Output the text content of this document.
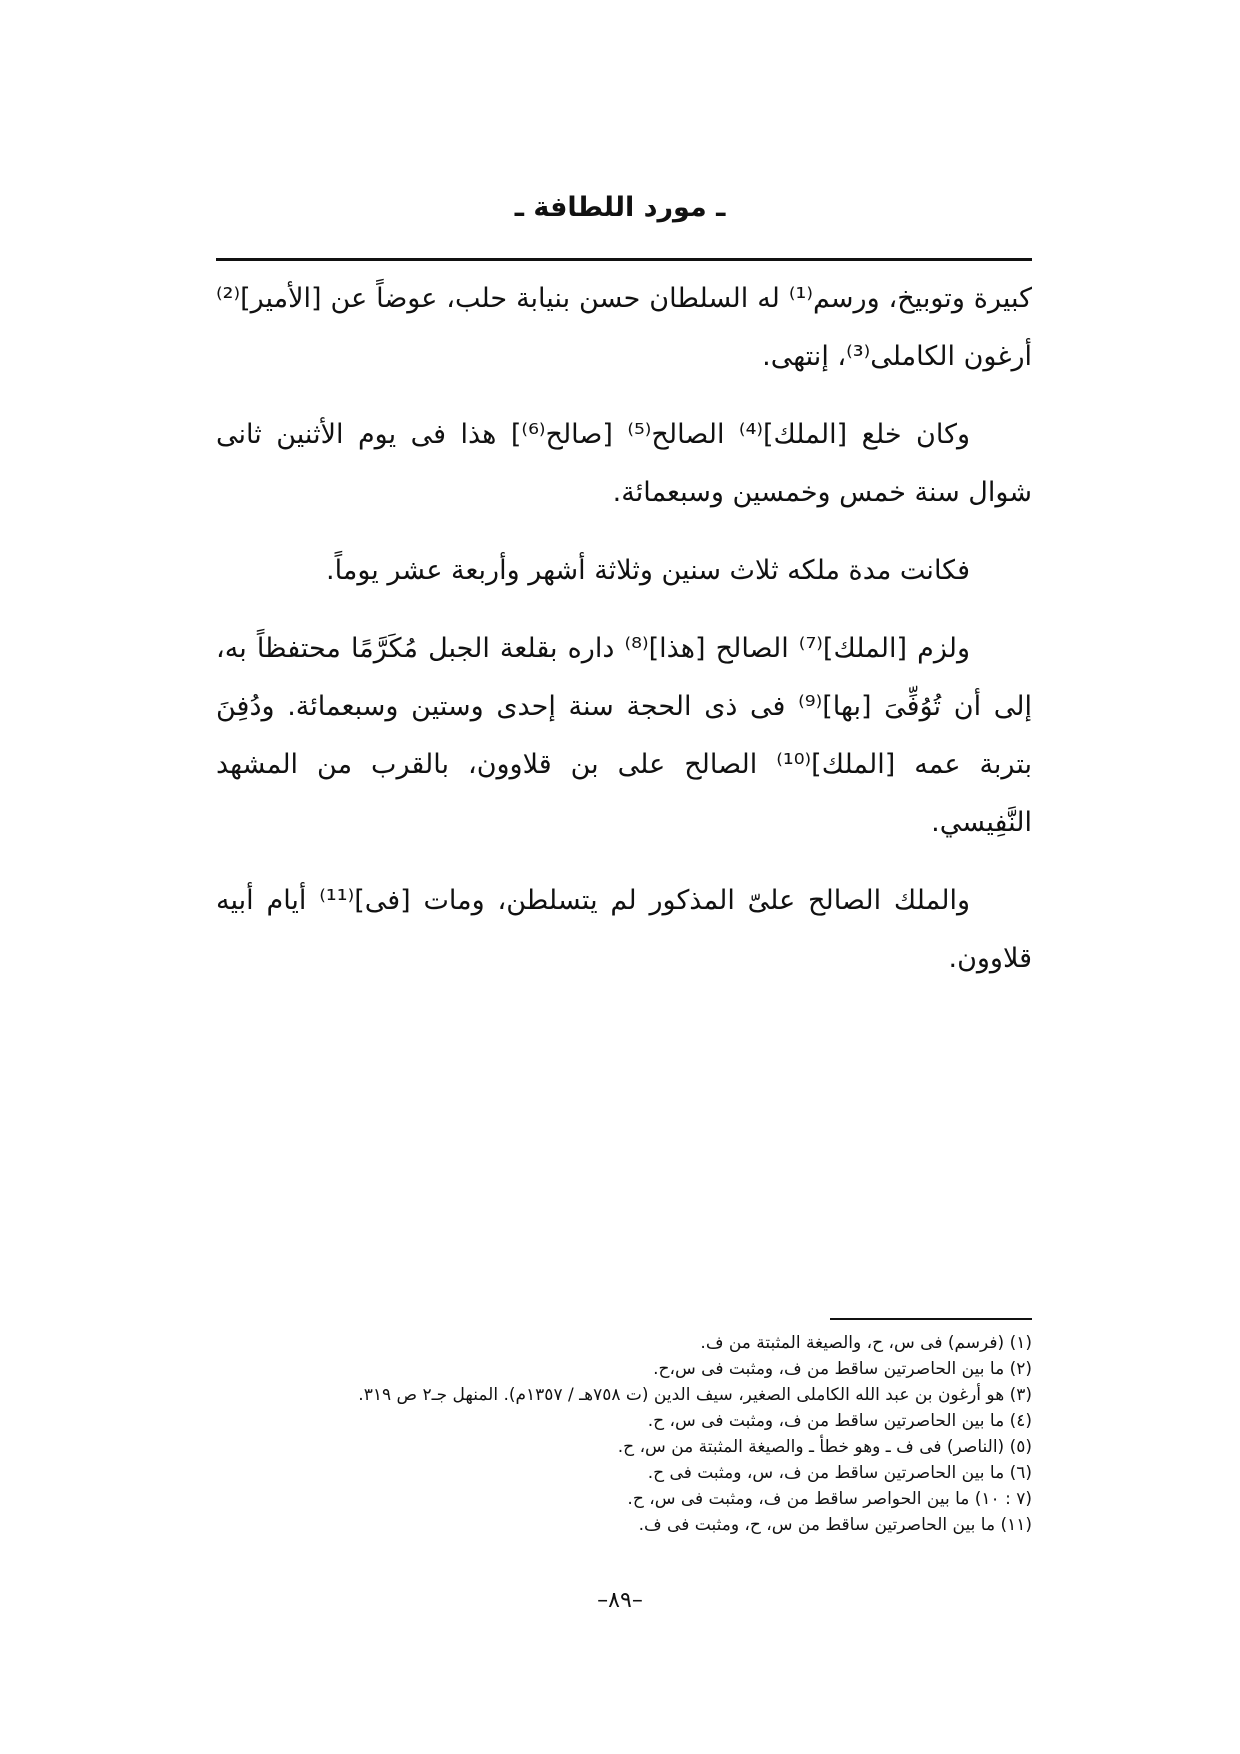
ـ مورد اللطافة ـ

كبيرة وتوبيخ، ورسم⁽¹⁾ له السلطان حسن بنيابة حلب، عوضاً عن [الأمير]⁽²⁾ أرغون الكاملى⁽³⁾، إنتهى.

وكان خلع [الملك]⁽⁴⁾ الصالح⁽⁵⁾ [صالح⁽⁶⁾] هذا فى يوم الأثنين ثانى شوال سنة خمس وخمسين وسبعمائة.

فكانت مدة ملكه ثلاث سنين وثلاثة أشهر وأربعة عشر يوماً.

ولزم [الملك]⁽⁷⁾ الصالح [هذا]⁽⁸⁾ داره بقلعة الجبل مُكَرَّمًا محتفظاً به، إلى أن تُوُفِّىَ [بها]⁽⁹⁾ فى ذى الحجة سنة إحدى وستين وسبعمائة. ودُفِنَ بتربة عمه [الملك]⁽¹⁰⁾ الصالح على بن قلاوون، بالقرب من المشهد النَّفِيسي.

والملك الصالح علىّ المذكور لم يتسلطن، ومات [فى]⁽¹¹⁾ أيام أبيه قلاوون.

(١) (فرسم) فى س، ح، والصيغة المثبتة من ف.
(٢) ما بين الحاصرتين ساقط من ف، ومثبت فى س،ح.
(٣) هو أرغون بن عبد الله الكاملى الصغير، سيف الدين (ت ٧٥٨هـ / ١٣٥٧م). المنهل جـ٢ ص ٣١٩.
(٤) ما بين الحاصرتين ساقط من ف، ومثبت فى س، ح.
(٥) (الناصر) فى ف ـ وهو خطأ ـ والصيغة المثبتة من س، ح.
(٦) ما بين الحاصرتين ساقط من ف، س، ومثبت فى ح.
(٧ : ١٠) ما بين الحواصر ساقط من ف، ومثبت فى س، ح.
(١١) ما بين الحاصرتين ساقط من س، ح، ومثبت فى ف.
–٨٩–
